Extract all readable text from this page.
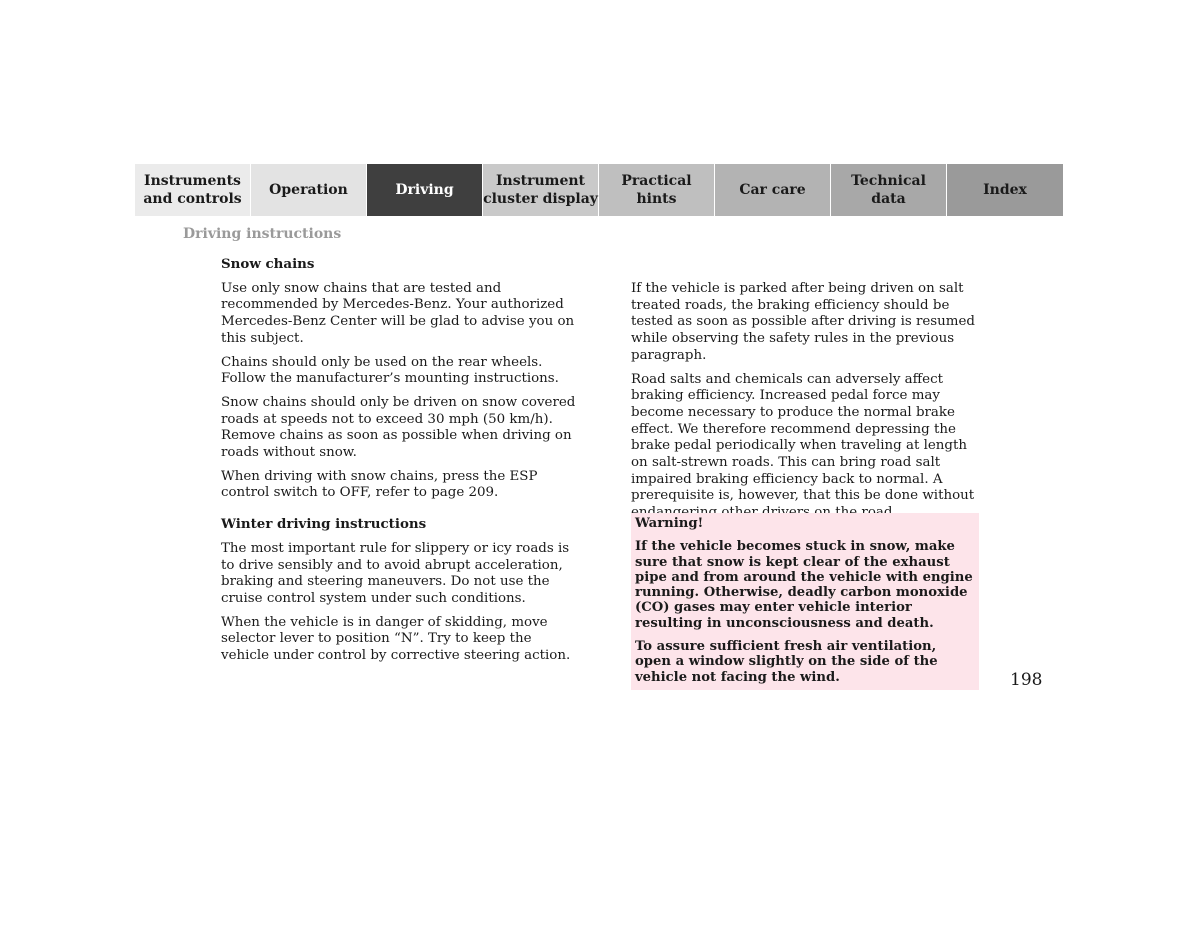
Instruments
and controls
Operation	Driving
Instrument
cluster display
Practical hints
Car care
Technical
data
Index
Driving instructions
Snow chains

Use only snow chains that are tested and recommended by Mercedes-Benz. Your authorized Mercedes-Benz Center will be glad to advise you on this subject.

Chains should only be used on the rear wheels. Follow the manufacturer’s mounting instructions.

Snow chains should only be driven on snow covered roads at speeds not to exceed 30 mph (50 km/h). Remove chains as soon as possible when driving on roads without snow.

When driving with snow chains, press the ESP control switch to OFF, refer to page 209.

Winter driving instructions

The most important rule for slippery or icy roads is to drive sensibly and to avoid abrupt acceleration, braking and steering maneuvers. Do not use the cruise control system under such conditions.

When the vehicle is in danger of skidding, move selector lever to position “N”. Try to keep the vehicle under control by corrective steering action.

If the vehicle is parked after being driven on salt treated roads, the braking efficiency should be tested as soon as possible after driving is resumed while observing the safety rules in the previous paragraph.

Road salts and chemicals can adversely affect braking efficiency. Increased pedal force may become necessary to produce the normal brake effect. We therefore recommend depressing the brake pedal periodically when traveling at length on salt-strewn roads. This can bring road salt impaired braking efficiency back to normal. A prerequisite is, however, that this be done without

Warning!

If the vehicle becomes stuck in snow, make sure that snow is kept clear of the exhaust pipe and from around the vehicle with engine running. Otherwise, deadly carbon monoxide (CO) gases may enter vehicle interior resulting in unconsciousness and death.

To assure sufficient fresh air ventilation, open a window slightly on the side of the vehicle not facing the wind.	198
